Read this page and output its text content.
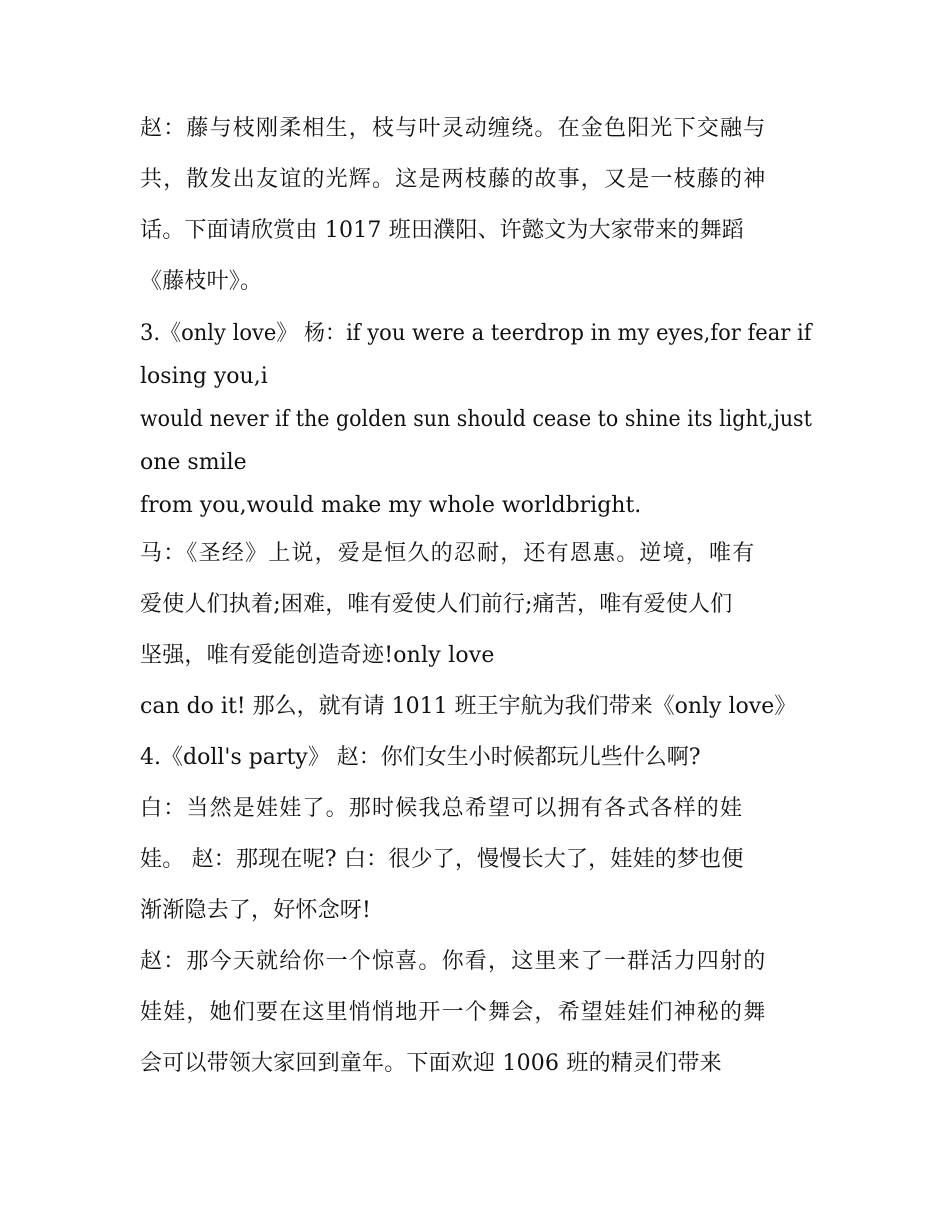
赵：藤与枝刚柔相生，枝与叶灵动缠绕。在金色阳光下交融与
共，散发出友谊的光辉。这是两枝藤的故事，又是一枝藤的神
话。下面请欣赏由 1017 班田濮阳、许懿文为大家带来的舞蹈
《藤枝叶》。
3.《only love》 杨：if you were a teerdrop in my eyes,for fear if
losing you,i
would never if the golden sun should cease to shine its light,just
one smile
from you,would make my whole worldbright.
马：《圣经》上说，爱是恒久的忍耐，还有恩惠。逆境，唯有
爱使人们执着;困难，唯有爱使人们前行;痛苦，唯有爱使人们
坚强，唯有爱能创造奇迹!only love
can do it! 那么，就有请 1011 班王宇航为我们带来《only love》
4.《doll's party》 赵：你们女生小时候都玩儿些什么啊?
白：当然是娃娃了。那时候我总希望可以拥有各式各样的娃
娃。 赵：那现在呢? 白：很少了，慢慢长大了，娃娃的梦也便
渐渐隐去了，好怀念呀!
赵：那今天就给你一个惊喜。你看，这里来了一群活力四射的
娃娃，她们要在这里悄悄地开一个舞会，希望娃娃们神秘的舞
会可以带领大家回到童年。下面欢迎 1006 班的精灵们带来
